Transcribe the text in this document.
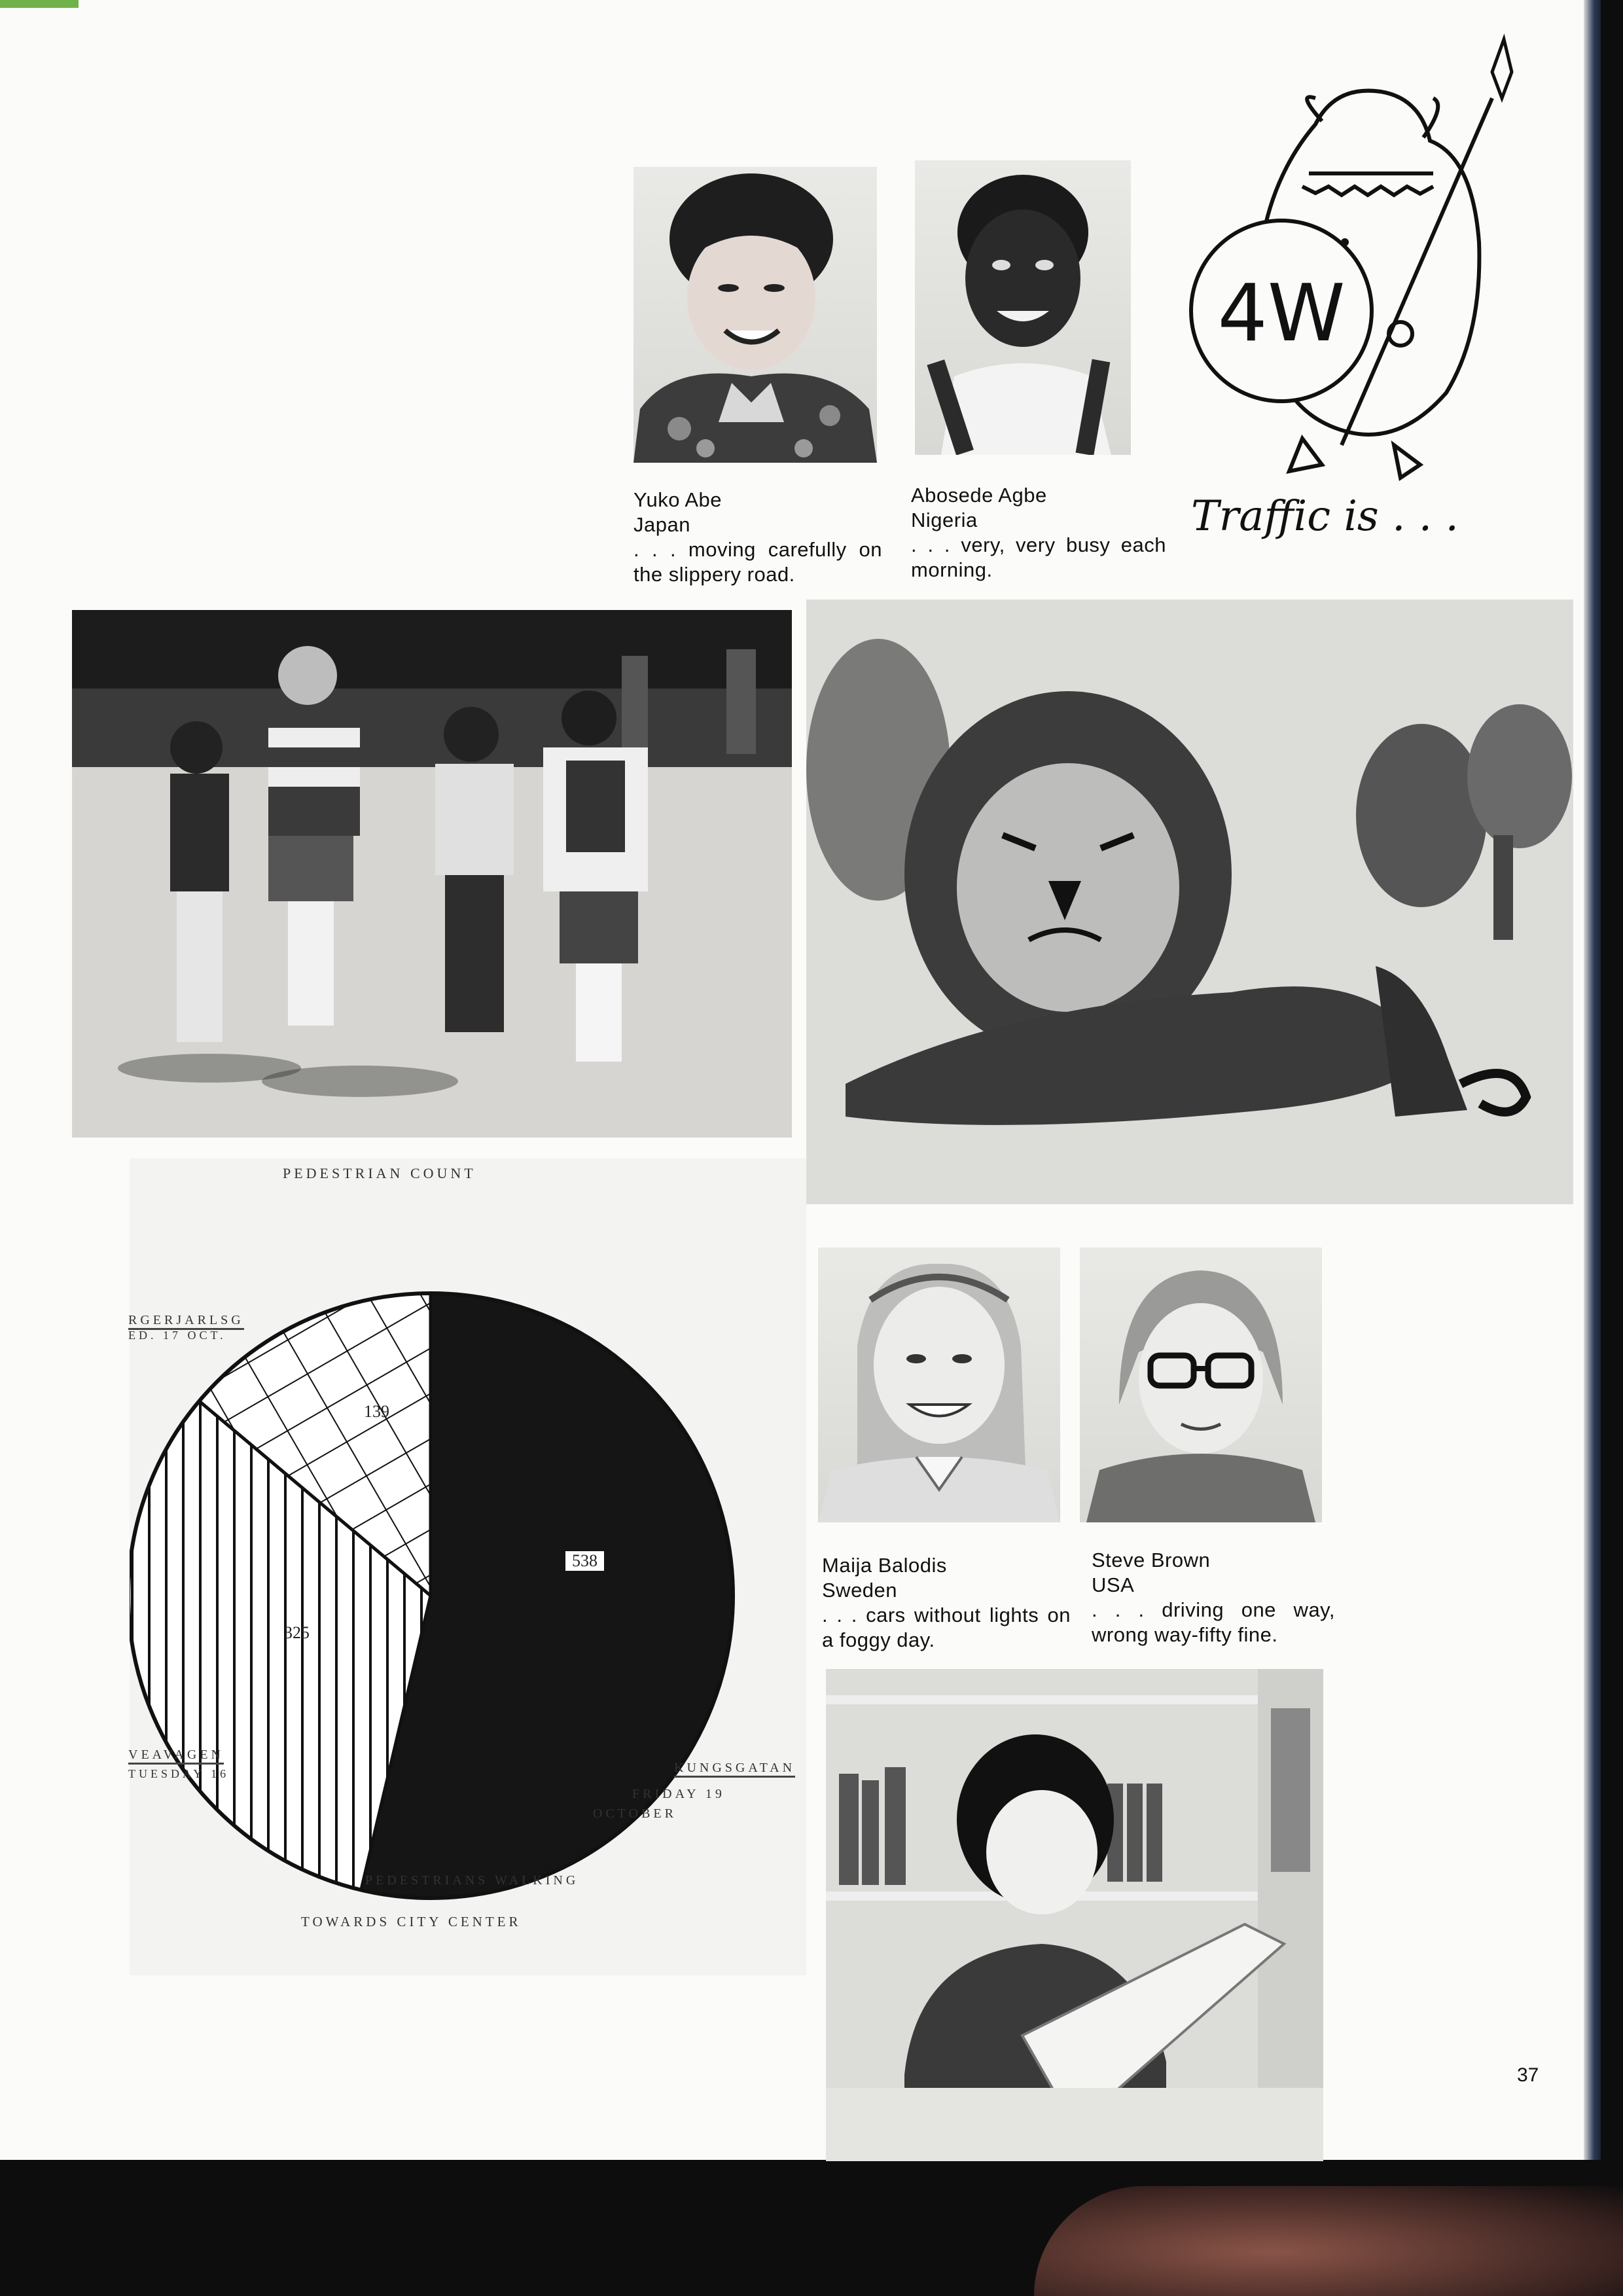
4W
Traffic is . . .
Yuko Abe
Japan
. . . moving carefully on the slippery road.
Abosede Agbe
Nigeria
. . . very, very busy each morning.
PEDESTRIAN COUNT
538
325
139
RGERJARLSG
ED. 17 OCT.
VEAVAGEN
TUESDAY 16	KUNGSGATAN
FRIDAY 19
OCTOBER
PEDESTRIANS WALKING
TOWARDS CITY CENTER
Maija Balodis
Sweden
. . . cars without lights on a foggy day.
Steve Brown
USA
. . . driving one way, wrong way-fifty fine.
37
